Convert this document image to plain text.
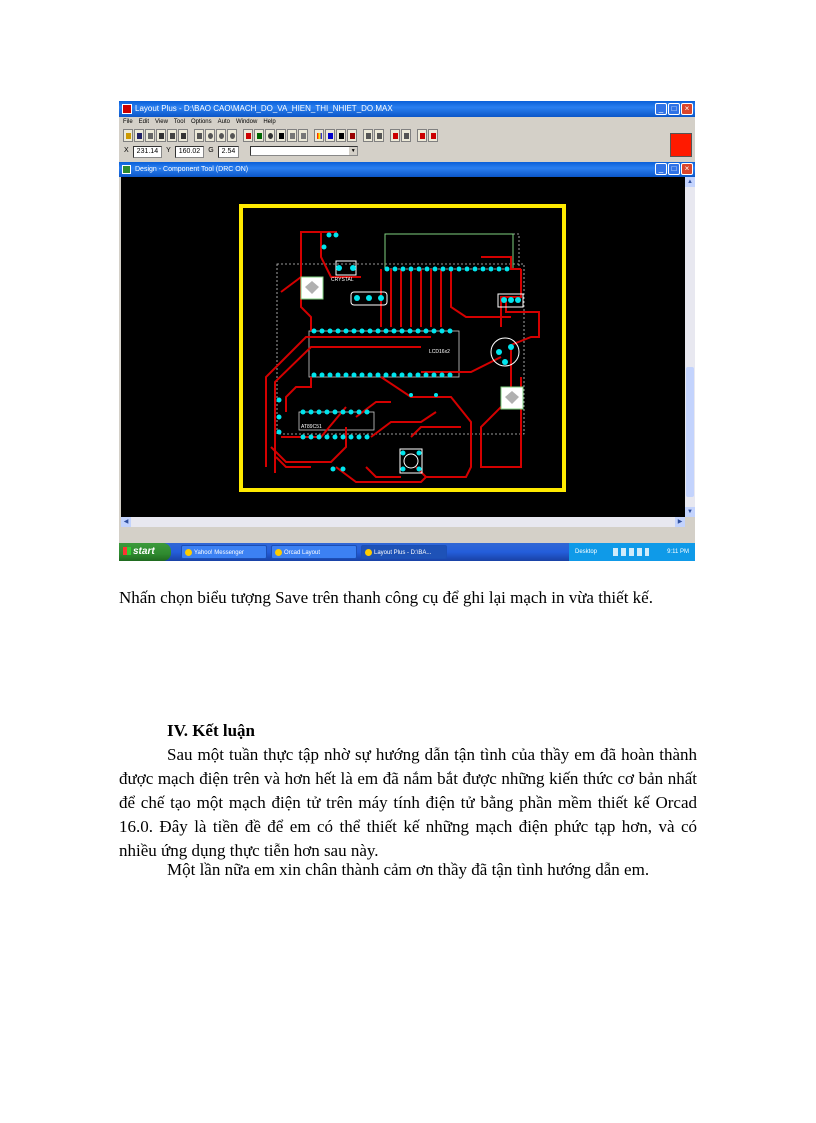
Layout Plus - D:\BAO CAO\MACH_DO_VA_HIEN_THI_NHIET_DO.MAX	_	□	×
File Edit View Tool Options Auto Window Help
X	231.14	Y	160.02	G	2.54	▼
Design - Component Tool (DRC ON)	_	□	×
CRYSTAL
LCD16x2
AT89C51
▲
▼
◀	▶
start	Yahoo! Messenger	Orcad Layout	Layout Plus - D:\BA...	Desktop	9:11 PM
Nhấn chọn biểu tượng Save trên thanh công cụ để ghi lại mạch in vừa thiết kế.
IV. Kết luận
Sau một tuần thực tập nhờ sự hướng dẫn tận tình của thầy em đã hoàn thành được mạch điện trên và hơn hết là em đã nắm bắt được những kiến thức cơ bản nhất để chế tạo một mạch điện tử trên máy tính điện tử bằng phần mềm thiết kế Orcad 16.0. Đây là tiền đề để em có thể thiết kế những mạch điện phức tạp hơn, và có nhiều ứng dụng thực tiễn hơn sau này.
Một lần nữa em xin chân thành cảm ơn thầy đã tận tình hướng dẫn em.
